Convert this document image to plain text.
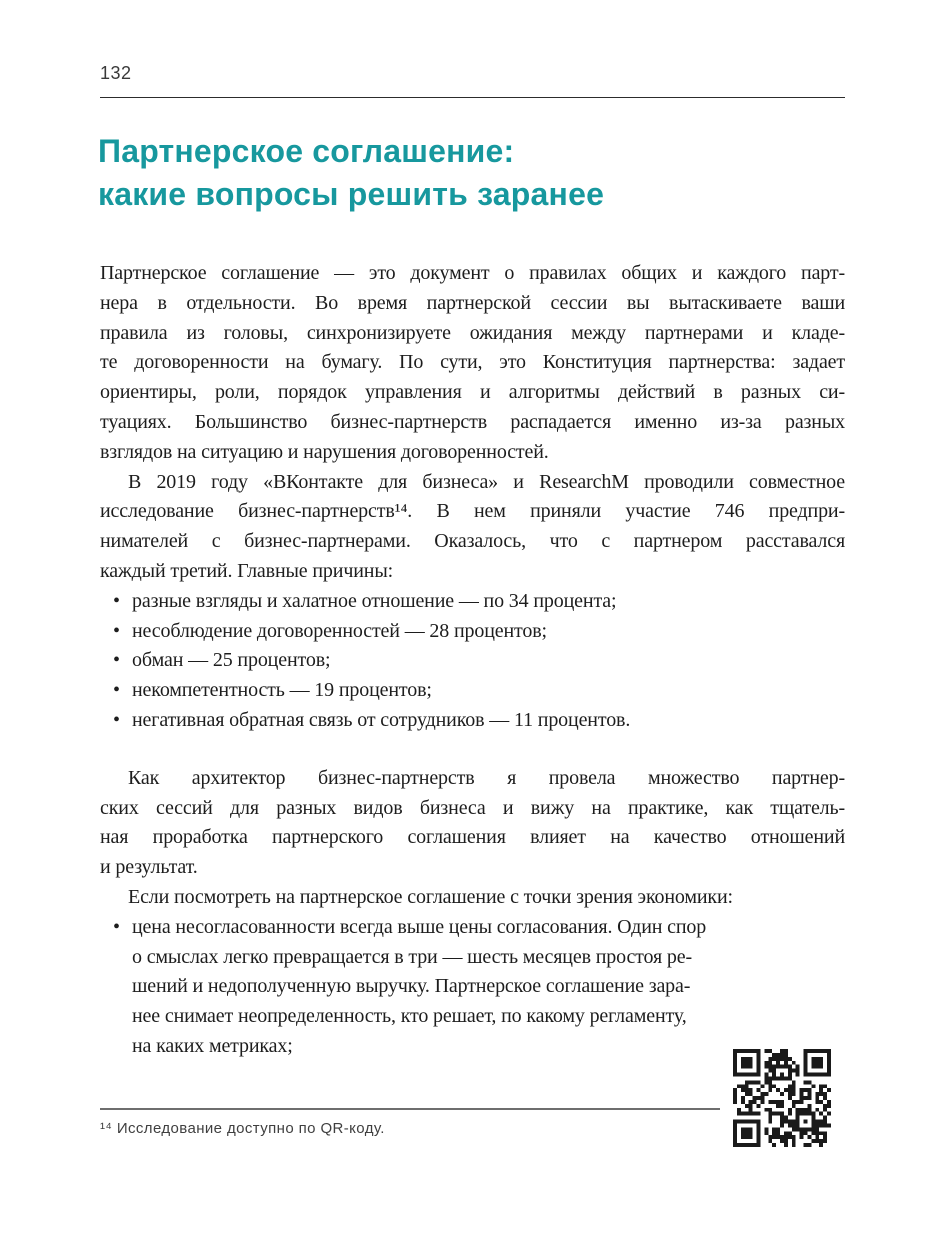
132
Партнерское соглашение:
какие вопросы решить заранее
Партнерское соглашение — это документ о правилах общих и каждого парт-
нера в отдельности. Во время партнерской сессии вы вытаскиваете ваши
правила из головы, синхронизируете ожидания между партнерами и кладе-
те договоренности на бумагу. По сути, это Конституция партнерства: задает
ориентиры, роли, порядок управления и алгоритмы действий в разных си-
туациях. Большинство бизнес-партнерств распадается именно из-за разных
взглядов на ситуацию и нарушения договоренностей.
В 2019 году «ВКонтакте для бизнеса» и ResearchM проводили совместное
исследование бизнес-партнерств¹⁴. В нем приняли участие 746 предпри-
нимателей с бизнес-партнерами. Оказалось, что с партнером расставался
каждый третий. Главные причины:
• разные взгляды и халатное отношение — по 34 процента;
• несоблюдение договоренностей — 28 процентов;
• обман — 25 процентов;
• некомпетентность — 19 процентов;
• негативная обратная связь от сотрудников — 11 процентов.
Как архитектор бизнес-партнерств я провела множество партнер-
ских сессий для разных видов бизнеса и вижу на практике, как тщатель-
ная проработка партнерского соглашения влияет на качество отношений
и результат.
Если посмотреть на партнерское соглашение с точки зрения экономики:
• цена несогласованности всегда выше цены согласования. Один спор
о смыслах легко превращается в три — шесть месяцев простоя ре-
шений и недополученную выручку. Партнерское соглашение зара-
нее снимает неопределенность, кто решает, по какому регламенту,
на каких метриках;
¹⁴ Исследование доступно по QR-коду.
